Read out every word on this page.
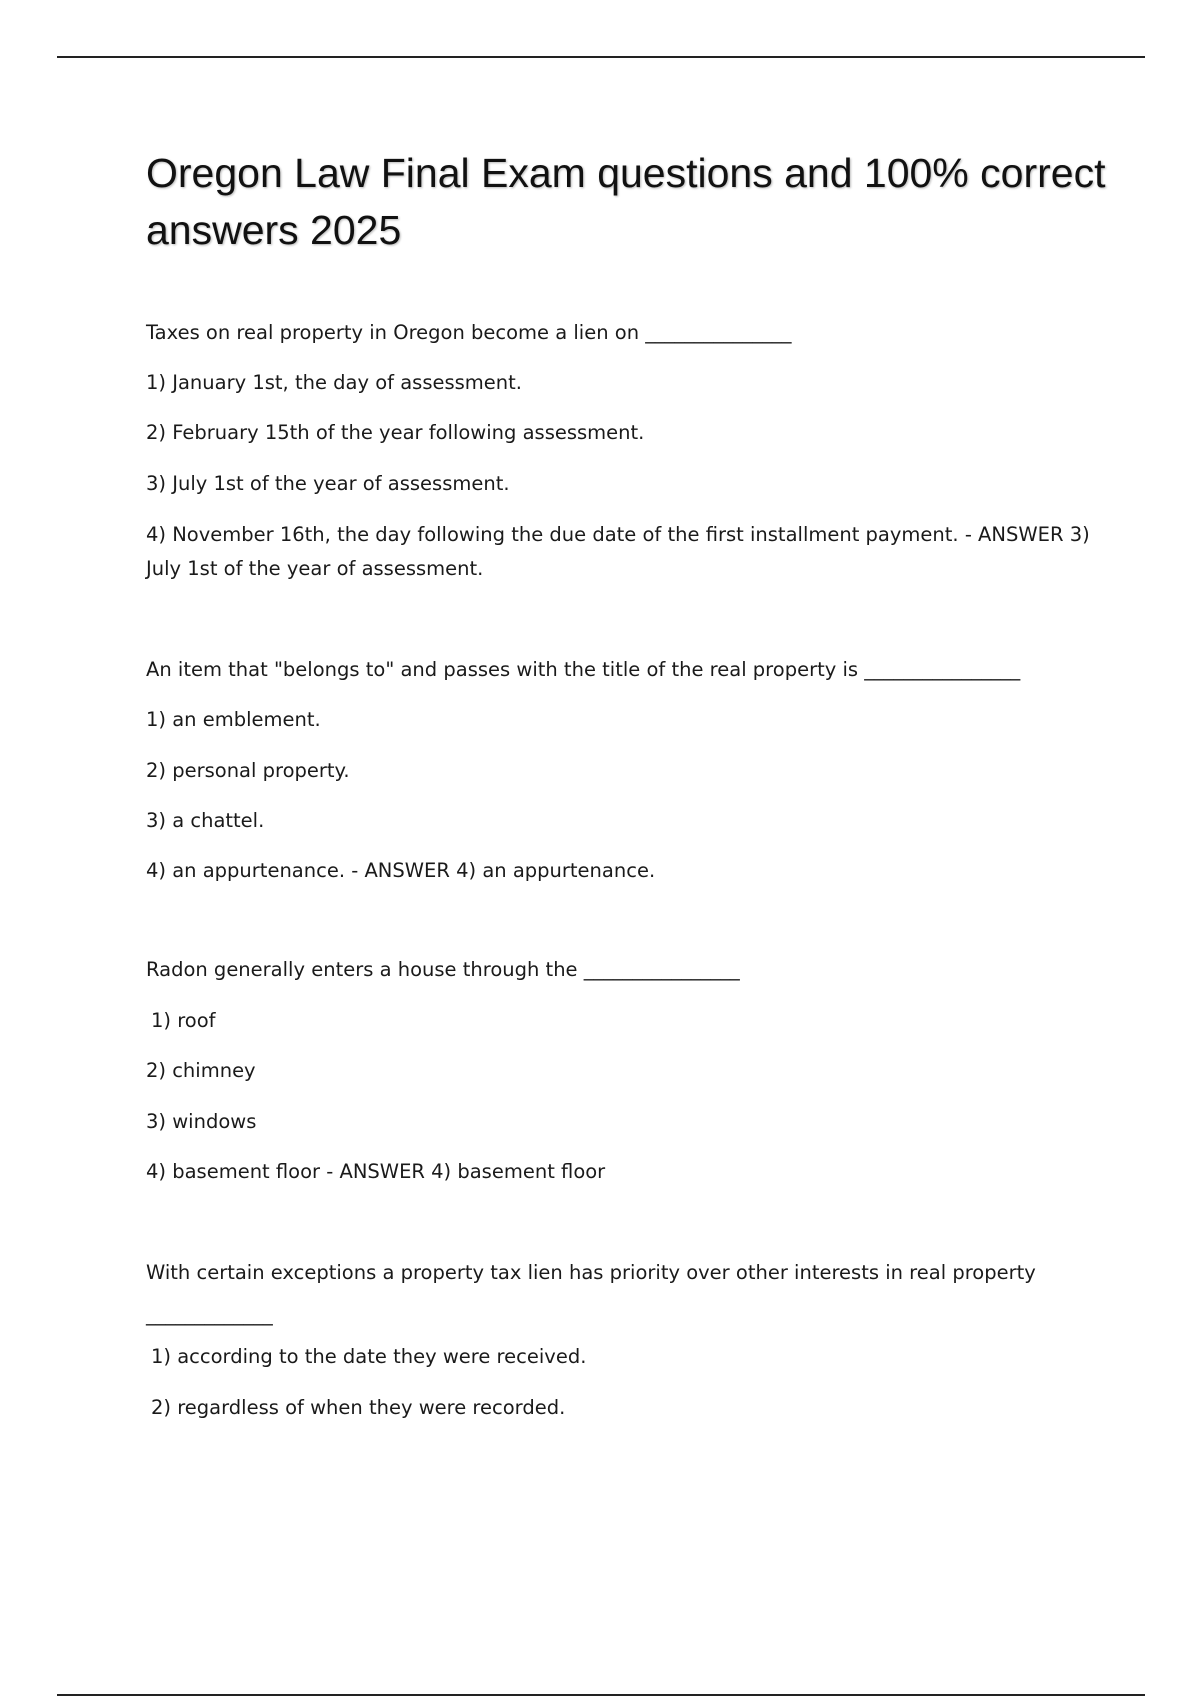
Oregon Law Final Exam questions and 100% correct answers 2025

Taxes on real property in Oregon become a lien on _______________

1) January 1st, the day of assessment.

2) February 15th of the year following assessment.

3) July 1st of the year of assessment.

4) November 16th, the day following the due date of the first installment payment. - ANSWER 3) July 1st of the year of assessment.

An item that "belongs to" and passes with the title of the real property is ________________

1) an emblement.

2) personal property.

3) a chattel.

4) an appurtenance. - ANSWER 4) an appurtenance.

Radon generally enters a house through the ________________

1) roof

2) chimney

3) windows

4) basement floor - ANSWER 4) basement floor

With certain exceptions a property tax lien has priority over other interests in real property

_____________

1) according to the date they were received.

2) regardless of when they were recorded.
